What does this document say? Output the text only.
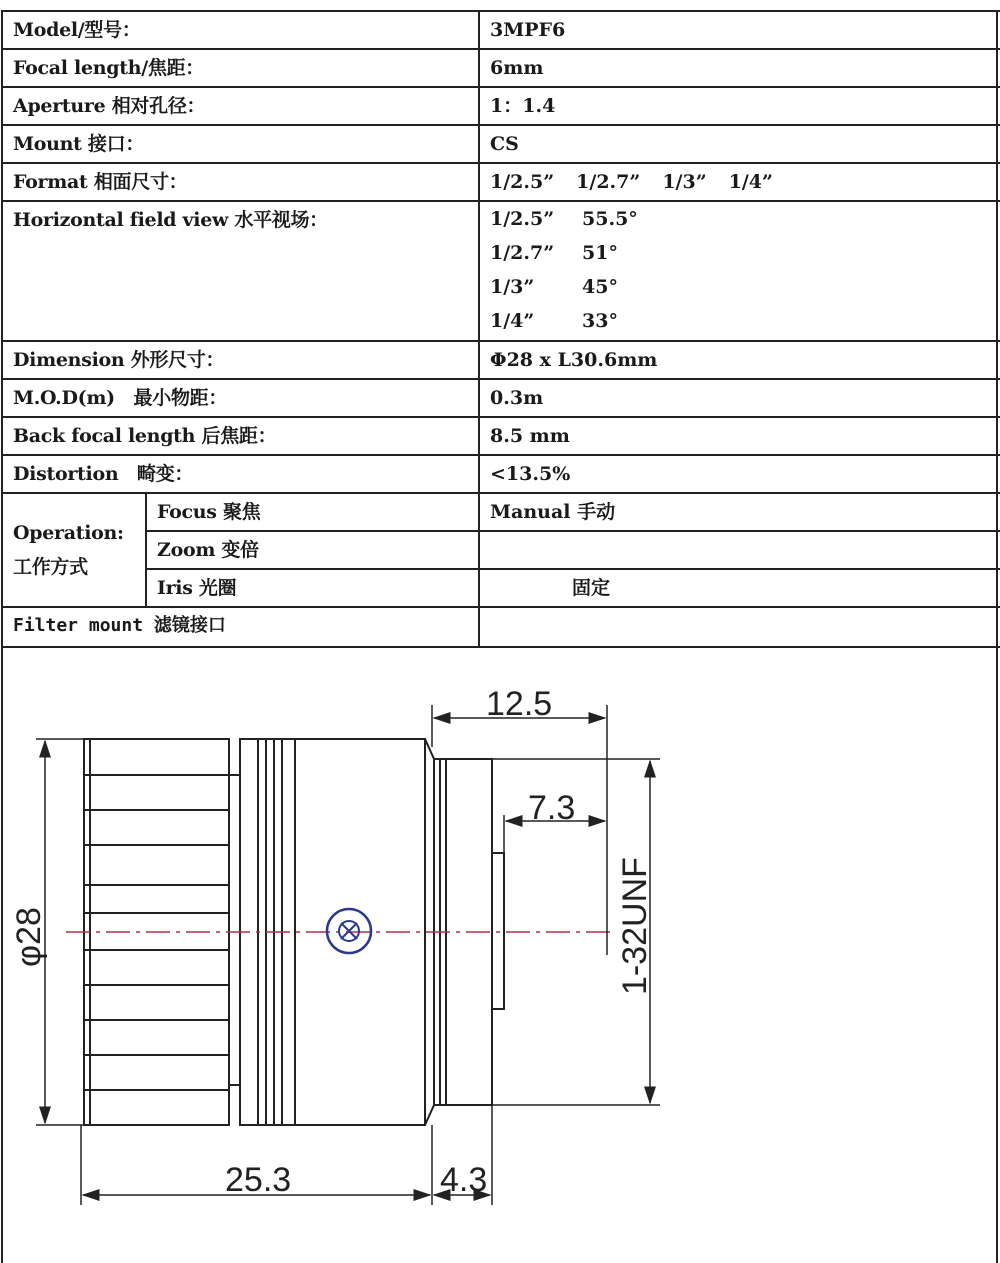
Model/型号：		3MPF6
Focal length/焦距：		6mm
Aperture 相对孔径：		1：1.4
Mount 接口：		CS
Format 相面尺寸：		1/2.5” 1/2.7” 1/3” 1/4”
Horizontal field view 水平视场：		1/2.5” 55.5°
1/2.7” 51°
1/3” 45°
1/4” 33°

Dimension 外形尺寸：		Φ28 x L30.6mm
M.O.D(m)　最小物距：		0.3m
Back focal length 后焦距：		8.5 mm
Distortion　畸变：		<13.5%

Operation:
工作方式	Focus 聚焦	Manual 手动
	Zoom 变倍	
	Iris 光圈	固定
Filter mount 滤镜接口		
12.5
7.3
φ28	1-32UNF
25.3	4.3
